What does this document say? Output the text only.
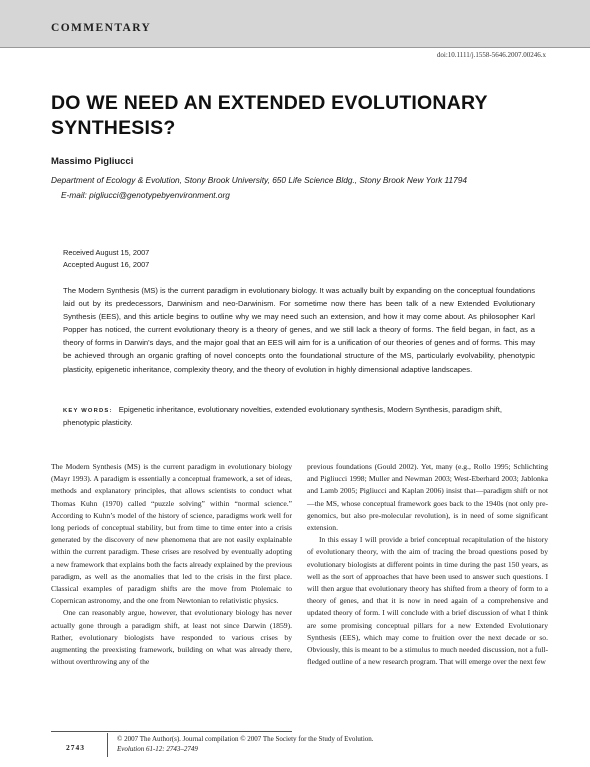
COMMENTARY
doi:10.1111/j.1558-5646.2007.00246.x
DO WE NEED AN EXTENDED EVOLUTIONARY SYNTHESIS?
Massimo Pigliucci
Department of Ecology & Evolution, Stony Brook University, 650 Life Science Bldg., Stony Brook New York 11794
E-mail: pigliucci@genotypebyenvironment.org
Received August 15, 2007
Accepted August 16, 2007
The Modern Synthesis (MS) is the current paradigm in evolutionary biology. It was actually built by expanding on the conceptual foundations laid out by its predecessors, Darwinism and neo-Darwinism. For sometime now there has been talk of a new Extended Evolutionary Synthesis (EES), and this article begins to outline why we may need such an extension, and how it may come about. As philosopher Karl Popper has noticed, the current evolutionary theory is a theory of genes, and we still lack a theory of forms. The field began, in fact, as a theory of forms in Darwin's days, and the major goal that an EES will aim for is a unification of our theories of genes and of forms. This may be achieved through an organic grafting of novel concepts onto the foundational structure of the MS, particularly evolvability, phenotypic plasticity, epigenetic inheritance, complexity theory, and the theory of evolution in highly dimensional adaptive landscapes.
KEY WORDS: Epigenetic inheritance, evolutionary novelties, extended evolutionary synthesis, Modern Synthesis, paradigm shift, phenotypic plasticity.

The Modern Synthesis (MS) is the current paradigm in evolutionary biology (Mayr 1993). A paradigm is essentially a conceptual framework, a set of ideas, methods and explanatory principles, that allows scientists to conduct what Thomas Kuhn (1970) called “puzzle solving” within “normal science.” According to Kuhn’s model of the history of science, paradigms work well for long periods of conceptual stability, but from time to time enter into a crisis generated by the discovery of new phenomena that are not easily explainable within the current paradigm. These crises are resolved by eventually adopting a new framework that explains both the facts already explained by the previous paradigm, as well as the anomalies that led to the crisis in the first place. Classical examples of paradigm shifts are the move from Ptolemaic to Copernican astronomy, and the one from Newtonian to relativistic physics.

One can reasonably argue, however, that evolutionary biology has never actually gone through a paradigm shift, at least not since Darwin (1859). Rather, evolutionary biologists have responded to various crises by augmenting the preexisting framework, building on what was already there, without overthrowing any of the

previous foundations (Gould 2002). Yet, many (e.g., Rollo 1995; Schlichting and Pigliucci 1998; Muller and Newman 2003; West-Eberhard 2003; Jablonka and Lamb 2005; Pigliucci and Kaplan 2006) insist that—paradigm shift or not—the MS, whose conceptual framework goes back to the 1940s (not only pre-genomics, but also pre-molecular revolution), is in need of some significant extension.

In this essay I will provide a brief conceptual recapitulation of the history of evolutionary theory, with the aim of tracing the broad questions posed by evolutionary biologists at different points in time during the past 150 years, as well as the sort of approaches that have been used to answer such questions. I will then argue that evolutionary theory has shifted from a theory of form to a theory of genes, and that it is now in need again of a comprehensive and updated theory of form. I will conclude with a brief discussion of what I think are some promising conceptual pillars for a new Extended Evolutionary Synthesis (EES), which may come to fruition over the next decade or so. Obviously, this is meant to be a stimulus to much needed discussion, not a full-fledged outline of a new research program. That will emerge over the next few

2743
© 2007 The Author(s). Journal compilation © 2007 The Society for the Study of Evolution.
Evolution 61-12: 2743–2749
